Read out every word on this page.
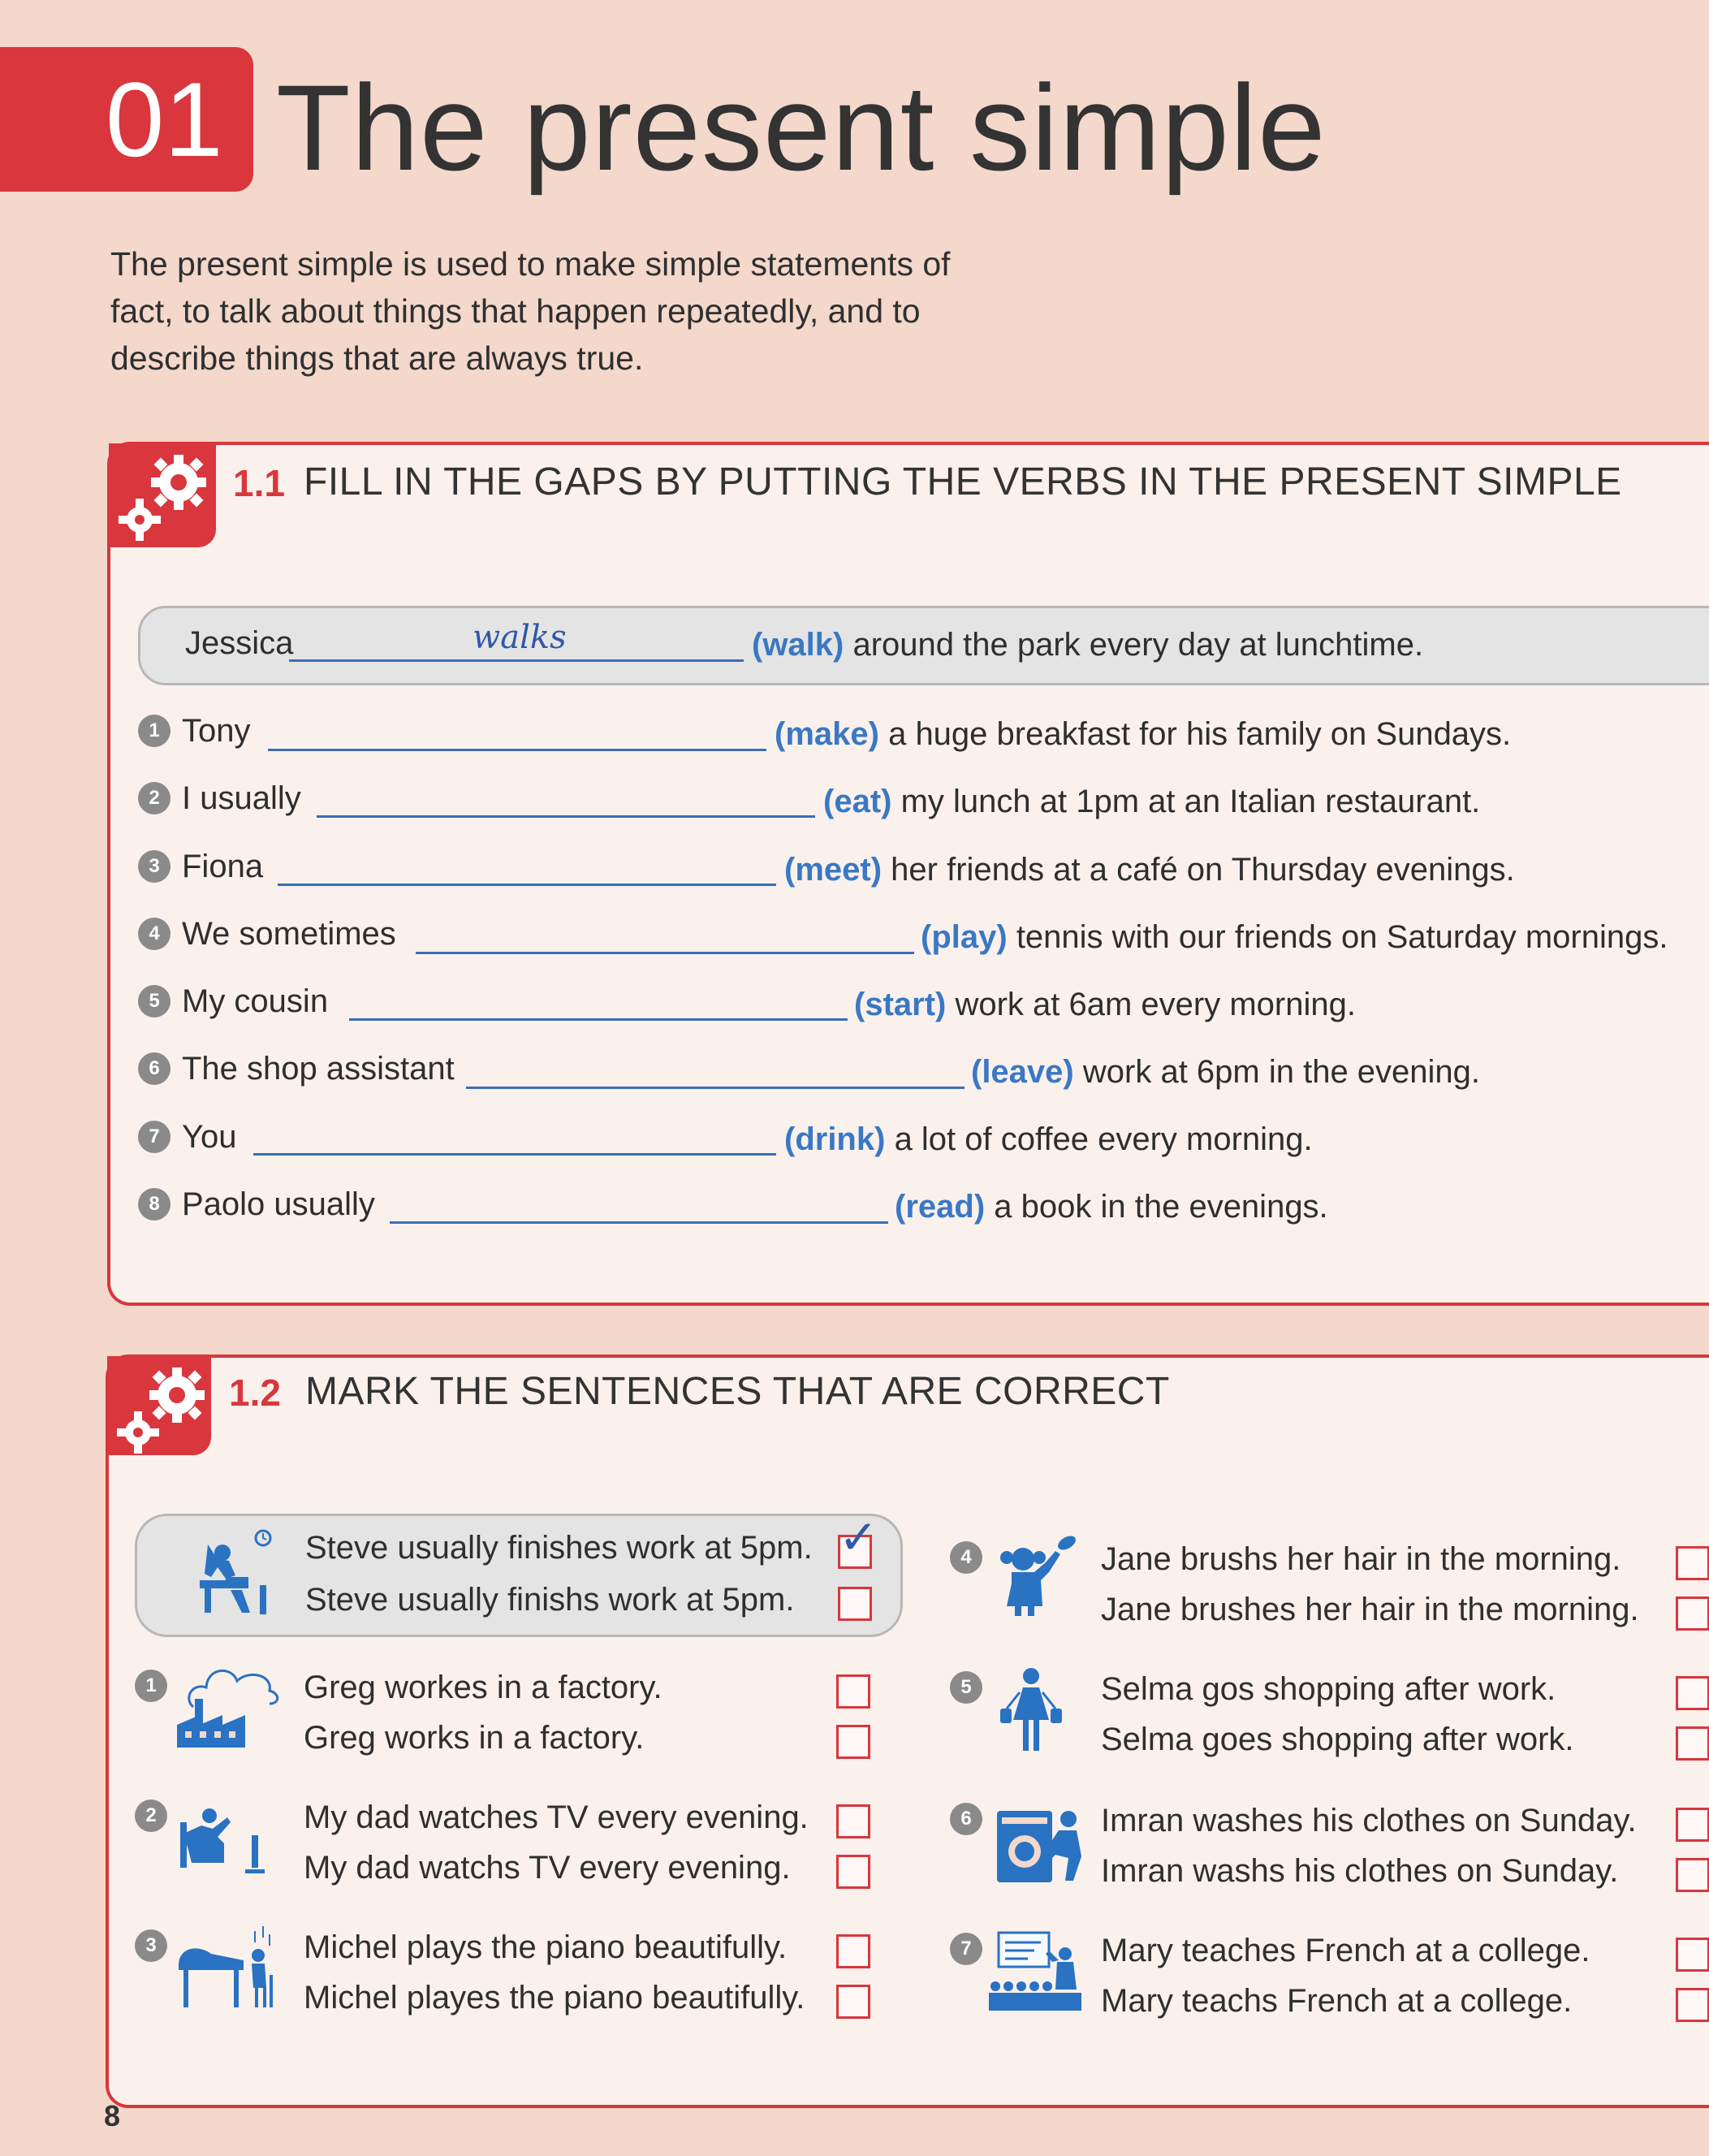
01 The present simple
The present simple is used to make simple statements of fact, to talk about things that happen repeatedly, and to describe things that are always true.
1.1 FILL IN THE GAPS BY PUTTING THE VERBS IN THE PRESENT SIMPLE
Jessica	walks	(walk) around the park every day at lunchtime.
1 Tony	(make) a huge breakfast for his family on Sundays.
2 I usually	(eat) my lunch at 1pm at an Italian restaurant.
3 Fiona	(meet) her friends at a café on Thursday evenings.
4 We sometimes	(play) tennis with our friends on Saturday mornings.
5 My cousin	(start) work at 6am every morning.
6 The shop assistant	(leave) work at 6pm in the evening.
7 You	(drink) a lot of coffee every morning.
8 Paolo usually	(read) a book in the evenings.
1.2 MARK THE SENTENCES THAT ARE CORRECT
Steve usually finishes work at 5pm.
Steve usually finishs work at 5pm.
✓
1	Greg workes in a factory.
Greg works in a factory.
2	My dad watches TV every evening.
My dad watchs TV every evening.
3	Michel plays the piano beautifully.
Michel playes the piano beautifully.
4	Jane brushs her hair in the morning.
Jane brushes her hair in the morning.
5	Selma gos shopping after work.
Selma goes shopping after work.
6	Imran washes his clothes on Sunday.
Imran washs his clothes on Sunday.
7	Mary teaches French at a college.
Mary teachs French at a college.
8
